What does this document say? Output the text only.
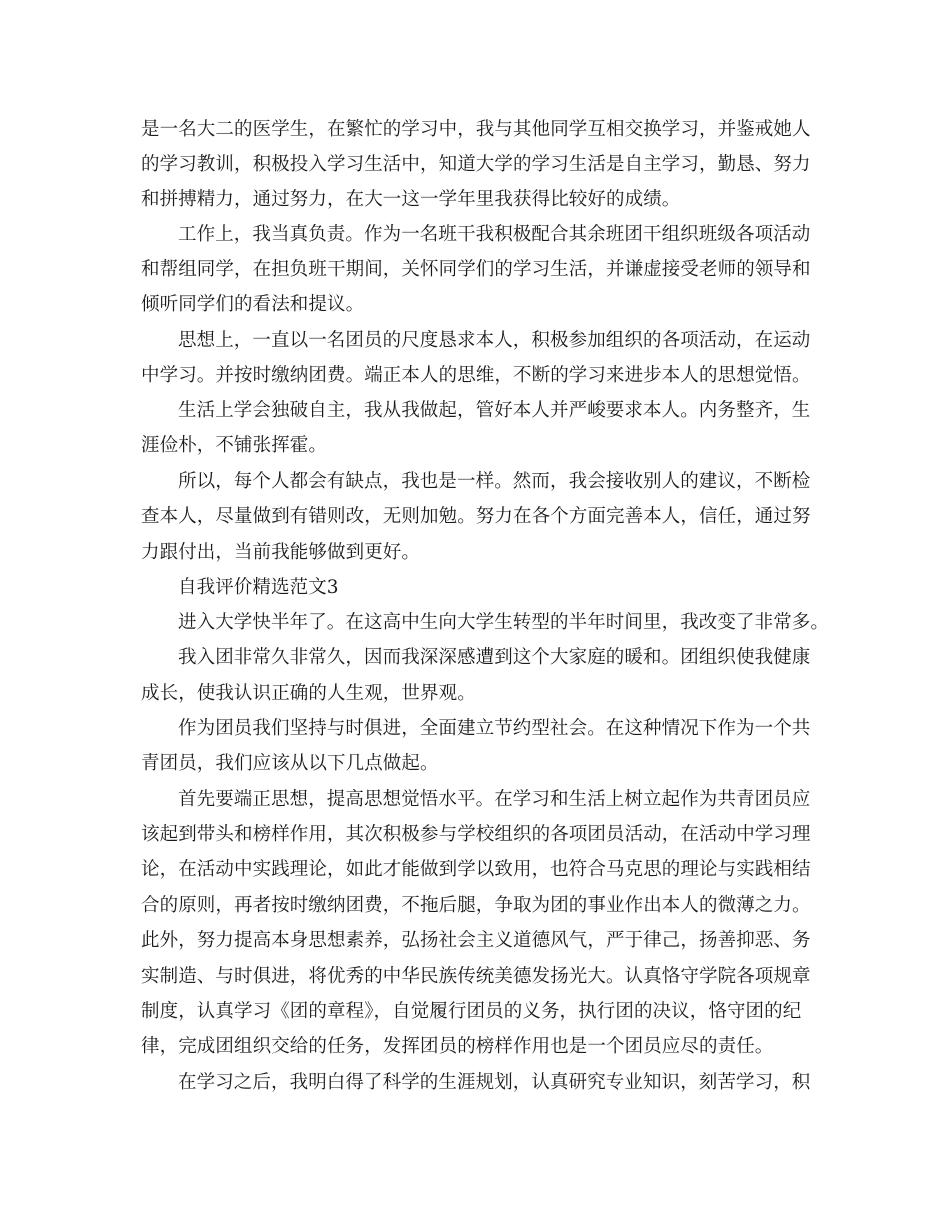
是一名大二的医学生，在繁忙的学习中，我与其他同学互相交换学习，并鉴戒她人
的学习教训，积极投入学习生活中，知道大学的学习生活是自主学习，勤恳、努力
和拼搏精力，通过努力，在大一这一学年里我获得比较好的成绩。
工作上，我当真负责。作为一名班干我积极配合其余班团干组织班级各项活动
和帮组同学，在担负班干期间，关怀同学们的学习生活，并谦虚接受老师的领导和
倾听同学们的看法和提议。
思想上，一直以一名团员的尺度恳求本人，积极参加组织的各项活动，在运动
中学习。并按时缴纳团费。端正本人的思维，不断的学习来进步本人的思想觉悟。
生活上学会独破自主，我从我做起，管好本人并严峻要求本人。内务整齐，生
涯俭朴，不铺张挥霍。
所以，每个人都会有缺点，我也是一样。然而，我会接收别人的建议，不断检
查本人，尽量做到有错则改，无则加勉。努力在各个方面完善本人，信任，通过努
力跟付出，当前我能够做到更好。
自我评价精选范文3
进入大学快半年了。在这高中生向大学生转型的半年时间里，我改变了非常多。
我入团非常久非常久，因而我深深感遭到这个大家庭的暖和。团组织使我健康
成长，使我认识正确的人生观，世界观。
作为团员我们坚持与时俱进，全面建立节约型社会。在这种情况下作为一个共
青团员，我们应该从以下几点做起。
首先要端正思想，提高思想觉悟水平。在学习和生活上树立起作为共青团员应
该起到带头和榜样作用，其次积极参与学校组织的各项团员活动，在活动中学习理
论，在活动中实践理论，如此才能做到学以致用，也符合马克思的理论与实践相结
合的原则，再者按时缴纳团费，不拖后腿，争取为团的事业作出本人的微薄之力。
此外，努力提高本身思想素养，弘扬社会主义道德风气，严于律己，扬善抑恶、务
实制造、与时俱进，将优秀的中华民族传统美德发扬光大。认真恪守学院各项规章
制度，认真学习《团的章程》，自觉履行团员的义务，执行团的决议，恪守团的纪
律，完成团组织交给的任务，发挥团员的榜样作用也是一个团员应尽的责任。
在学习之后，我明白得了科学的生涯规划，认真研究专业知识，刻苦学习，积
